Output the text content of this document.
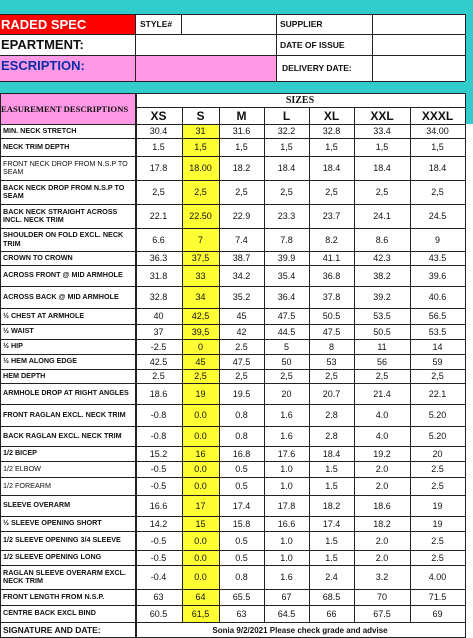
RADED SPEC	STYLE#	SUPPLIER
EPARTMENT:	DATE OF ISSUE
ESCRIPTION:	DELIVERY DATE:
EASUREMENT DESCRIPTIONS
SIZES
XS	S	M	L	XL	XXL	XXXL
MIN. NECK STRETCH	30.4	31	31.6	32.2	32.8	33.4	34.00
NECK TRIM DEPTH	1.5	1,5	1,5	1,5	1,5	1,5	1,5
FRONT NECK DROP FROM N.S.P TO SEAM	17.8	18.00	18.2	18.4	18.4	18.4	18.4
BACK NECK DROP FROM N.S.P TO SEAM	2,5	2,5	2,5	2,5	2,5	2,5	2,5
BACK NECK STRAIGHT ACROSS INCL. NECK TRIM	22.1	22.50	22.9	23.3	23.7	24.1	24.5
SHOULDER ON FOLD EXCL. NECK TRIM	6.6	7	7.4	7.8	8.2	8.6	9
CROWN TO CROWN	36.3	37,5	38.7	39.9	41.1	42.3	43.5
ACROSS FRONT @ MID ARMHOLE	31.8	33	34.2	35.4	36.8	38.2	39.6
ACROSS BACK @ MID ARMHOLE	32.8	34	35.2	36.4	37.8	39.2	40.6
½ CHEST AT ARMHOLE	40	42,5	45	47.5	50.5	53.5	56.5
½ WAIST	37	39,5	42	44.5	47.5	50.5	53.5
½ HIP	-2.5	0	2.5	5	8	11	14
½ HEM ALONG EDGE	42.5	45	47.5	50	53	56	59
HEM DEPTH	2.5	2,5	2,5	2,5	2,5	2,5	2,5
ARMHOLE DROP AT RIGHT ANGLES	18.6	19	19.5	20	20.7	21.4	22.1
FRONT RAGLAN EXCL. NECK TRIM	-0.8	0.0	0.8	1.6	2.8	4.0	5.20
BACK RAGLAN EXCL. NECK TRIM	-0.8	0.0	0.8	1.6	2.8	4.0	5.20
1/2 BICEP	15.2	16	16.8	17.6	18.4	19.2	20
1/2 ELBOW	-0.5	0.0	0.5	1.0	1.5	2.0	2.5
1/2 FOREARM	-0.5	0.0	0.5	1.0	1.5	2.0	2.5
SLEEVE OVERARM	16.6	17	17.4	17.8	18.2	18.6	19
½ SLEEVE OPENING SHORT	14.2	15	15.8	16.6	17.4	18.2	19
1/2 SLEEVE OPENING 3/4 SLEEVE	-0.5	0.0	0.5	1.0	1.5	2.0	2.5
1/2 SLEEVE OPENING LONG	-0.5	0.0	0.5	1.0	1.5	2.0	2.5
RAGLAN SLEEVE OVERARM EXCL. NECK TRIM	-0.4	0.0	0.8	1.6	2.4	3.2	4.00
FRONT LENGTH FROM N.S.P.	63	64	65.5	67	68.5	70	71.5
CENTRE BACK EXCL BIND	60.5	61,5	63	64.5	66	67.5	69
SIGNATURE AND DATE:	Sonia 9/2/2021 Please check grade and advise
